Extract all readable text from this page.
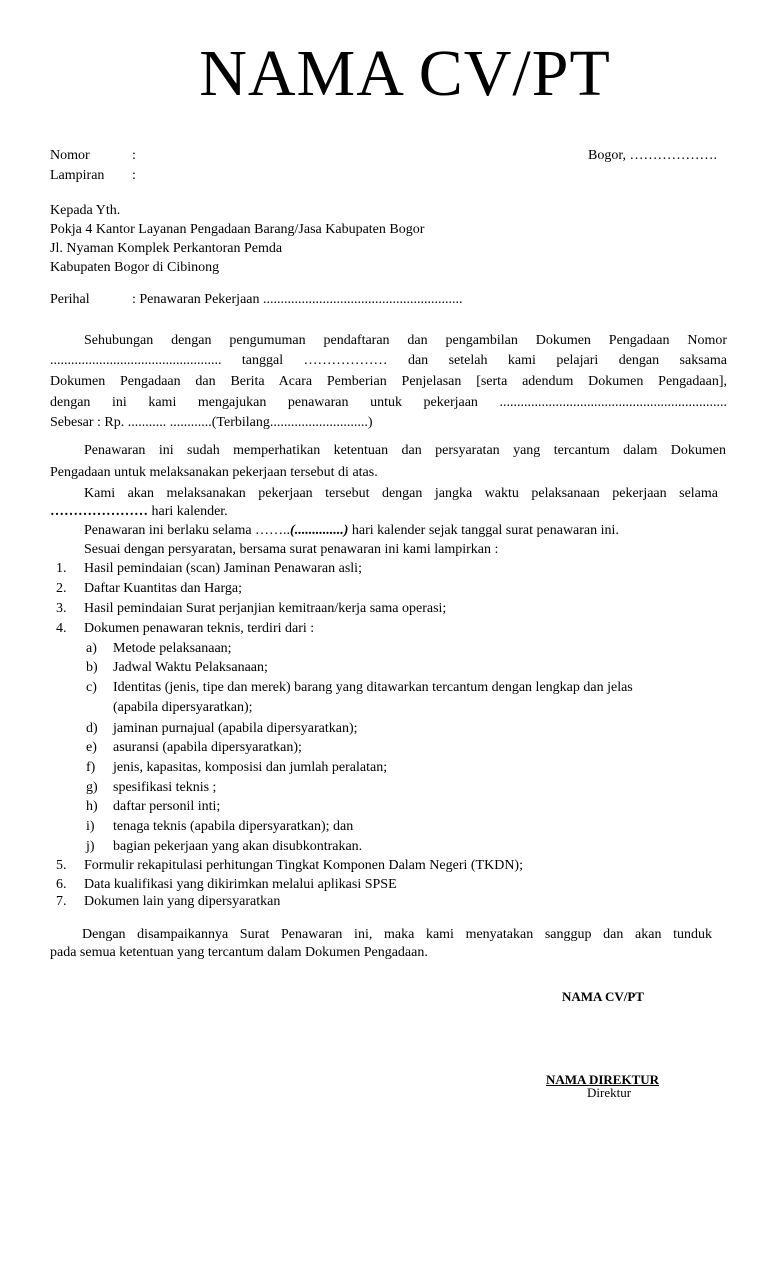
NAMA CV/PT
Nomor	:	Bogor, ……………….
Lampiran :
Kepada Yth.
Pokja 4 Kantor Layanan Pengadaan Barang/Jasa Kabupaten Bogor
Jl. Nyaman Komplek Perkantoran Pemda
Kabupaten Bogor di Cibinong
Perihal	: Penawaran Pekerjaan .........................................................
Sehubungan dengan pengumuman pendaftaran dan pengambilan Dokumen Pengadaan Nomor
................................................. tanggal ……………… dan setelah kami pelajari dengan saksama
Dokumen Pengadaan dan Berita Acara Pemberian Penjelasan [serta adendum Dokumen Pengadaan],
dengan ini kami mengajukan penawaran untuk pekerjaan .................................................................
Sebesar : Rp. ........... ............(Terbilang............................)
Penawaran ini sudah memperhatikan ketentuan dan persyaratan yang tercantum dalam Dokumen
Pengadaan untuk melaksanakan pekerjaan tersebut di atas.
Kami akan melaksanakan pekerjaan tersebut dengan jangka waktu pelaksanaan pekerjaan selama
………………… hari kalender.
Penawaran ini berlaku selama ……..(..............) hari kalender sejak tanggal surat penawaran ini.
Sesuai dengan persyaratan, bersama surat penawaran ini kami lampirkan :
1. Hasil pemindaian (scan) Jaminan Penawaran asli;
2. Daftar Kuantitas dan Harga;
3. Hasil pemindaian Surat perjanjian kemitraan/kerja sama operasi;
4. Dokumen penawaran teknis, terdiri dari :
a) Metode pelaksanaan;
b) Jadwal Waktu Pelaksanaan;
c) Identitas (jenis, tipe dan merek) barang yang ditawarkan tercantum dengan lengkap dan jelas
(apabila dipersyaratkan);
d) jaminan purnajual (apabila dipersyaratkan);
e) asuransi (apabila dipersyaratkan);
f) jenis, kapasitas, komposisi dan jumlah peralatan;
g) spesifikasi teknis ;
h) daftar personil inti;
i) tenaga teknis (apabila dipersyaratkan); dan
j) bagian pekerjaan yang akan disubkontrakan.
5. Formulir rekapitulasi perhitungan Tingkat Komponen Dalam Negeri (TKDN);
6. Data kualifikasi yang dikirimkan melalui aplikasi SPSE
7. Dokumen lain yang dipersyaratkan
Dengan disampaikannya Surat Penawaran ini, maka kami menyatakan sanggup dan akan tunduk
pada semua ketentuan yang tercantum dalam Dokumen Pengadaan.
NAMA CV/PT
NAMA DIREKTUR
Direktur
